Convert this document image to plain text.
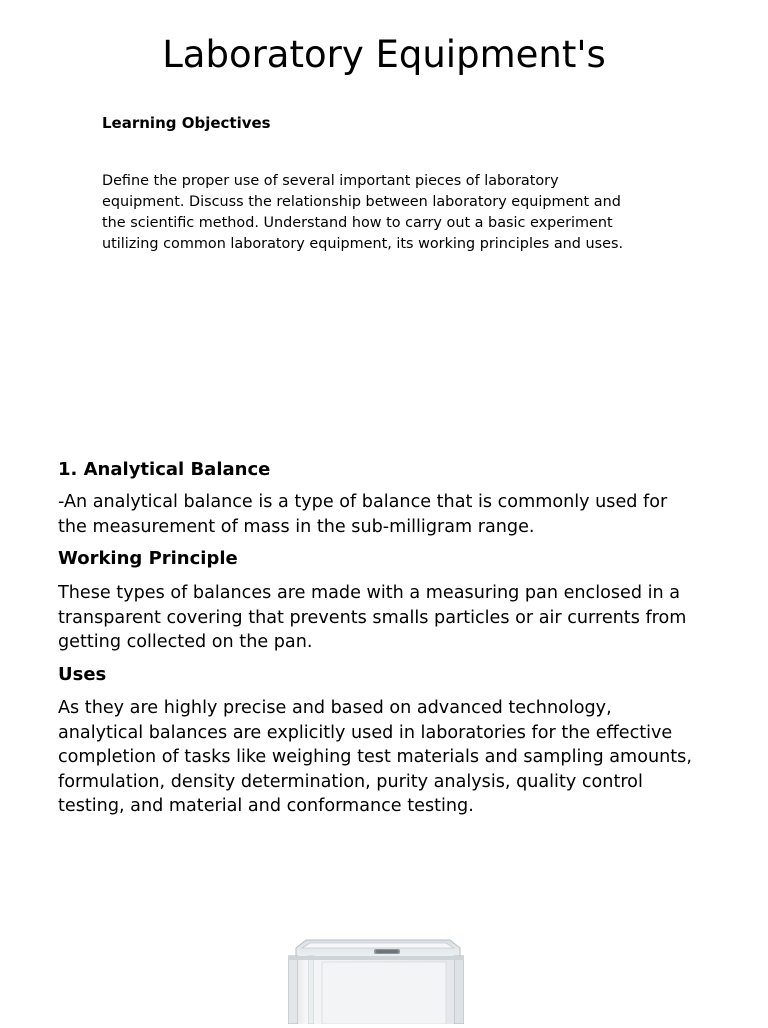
Laboratory Equipment's
Learning Objectives
Define the proper use of several important pieces of laboratory
equipment. Discuss the relationship between laboratory equipment and
the scientific method. Understand how to carry out a basic experiment
utilizing common laboratory equipment, its working principles and uses.
1. Analytical Balance

-An analytical balance is a type of balance that is commonly used for
the measurement of mass in the sub-milligram range.

Working Principle

These types of balances are made with a measuring pan enclosed in a
transparent covering that prevents smalls particles or air currents from
getting collected on the pan.

Uses

As they are highly precise and based on advanced technology,
analytical balances are explicitly used in laboratories for the effective
completion of tasks like weighing test materials and sampling amounts,
formulation, density determination, purity analysis, quality control
testing, and material and conformance testing.
